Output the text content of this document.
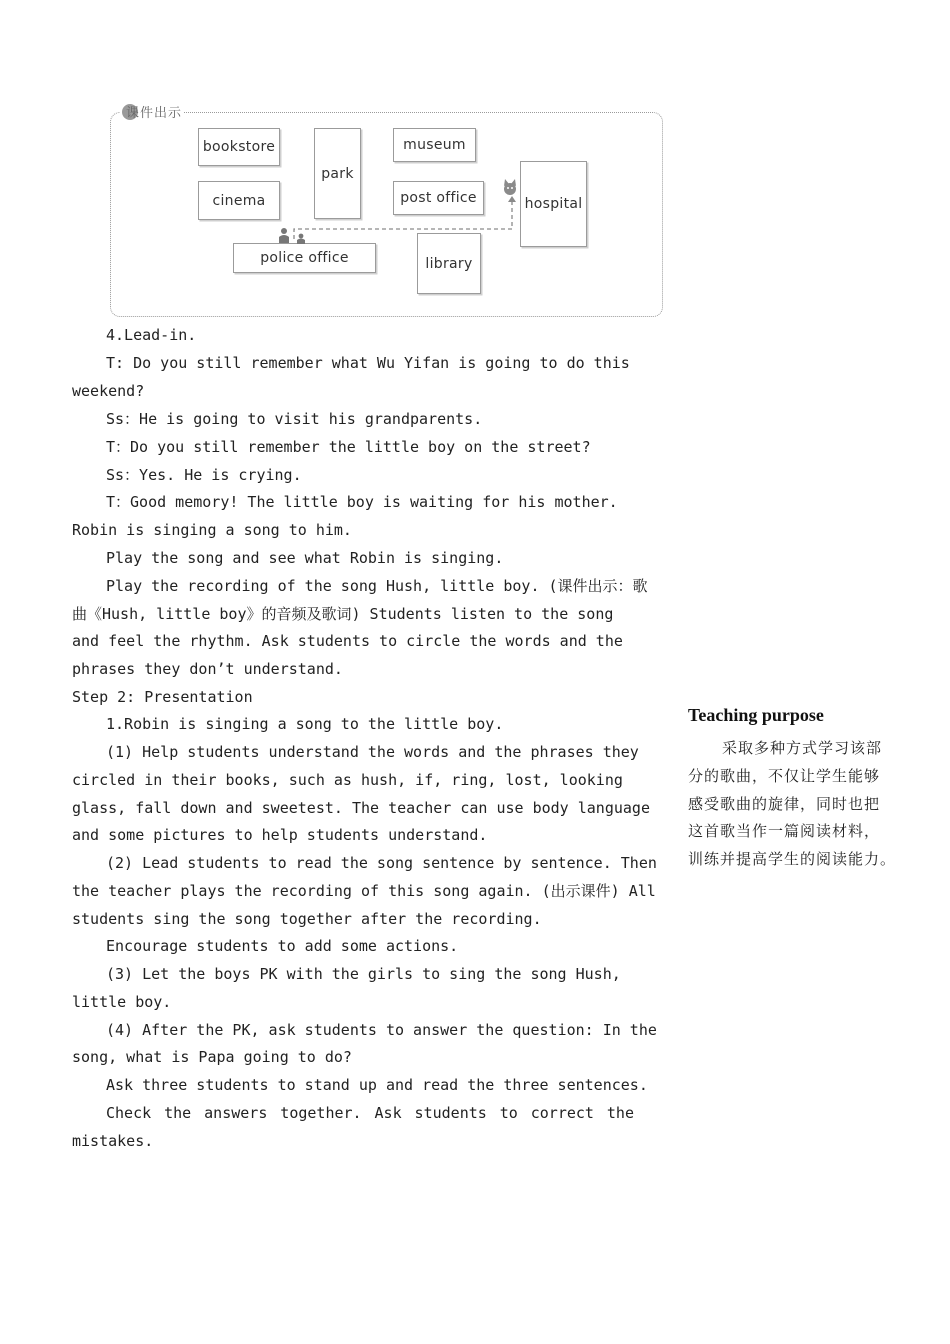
课件出示
bookstore
park
museum
cinema	post office	hospital
police office	library
4.Lead-in.
T: Do you still remember what Wu Yifan is going to do this
weekend?
Ss：He is going to visit his grandparents.
T：Do you still remember the little boy on the street?
Ss：Yes. He is crying.
T：Good memory! The little boy is waiting for his mother.
Robin is singing a song to him.
Play the song and see what Robin is singing.
Play the recording of the song Hush, little boy. (课件出示：歌
曲《Hush, little boy》的音频及歌词) Students listen to the song
and feel the rhythm. Ask students to circle the words and the
phrases they don’t understand.
Step 2: Presentation
1.Robin is singing a song to the little boy.
(1) Help students understand the words and the phrases they
circled in their books, such as hush, if, ring, lost, looking
glass, fall down and sweetest. The teacher can use body language
and some pictures to help students understand.
(2) Lead students to read the song sentence by sentence. Then
the teacher plays the recording of this song again. (出示课件) All
students sing the song together after the recording.
Encourage students to add some actions.
(3) Let the boys PK with the girls to sing the song Hush,
little boy.
(4) After the PK, ask students to answer the question: In the
song, what is Papa going to do?
Ask three students to stand up and read the three sentences.
Check the answers together. Ask students to correct the
mistakes.
Teaching purpose
采取多种方式学习该部
分的歌曲，不仅让学生能够
感受歌曲的旋律，同时也把
这首歌当作一篇阅读材料，
训练并提高学生的阅读能力。
